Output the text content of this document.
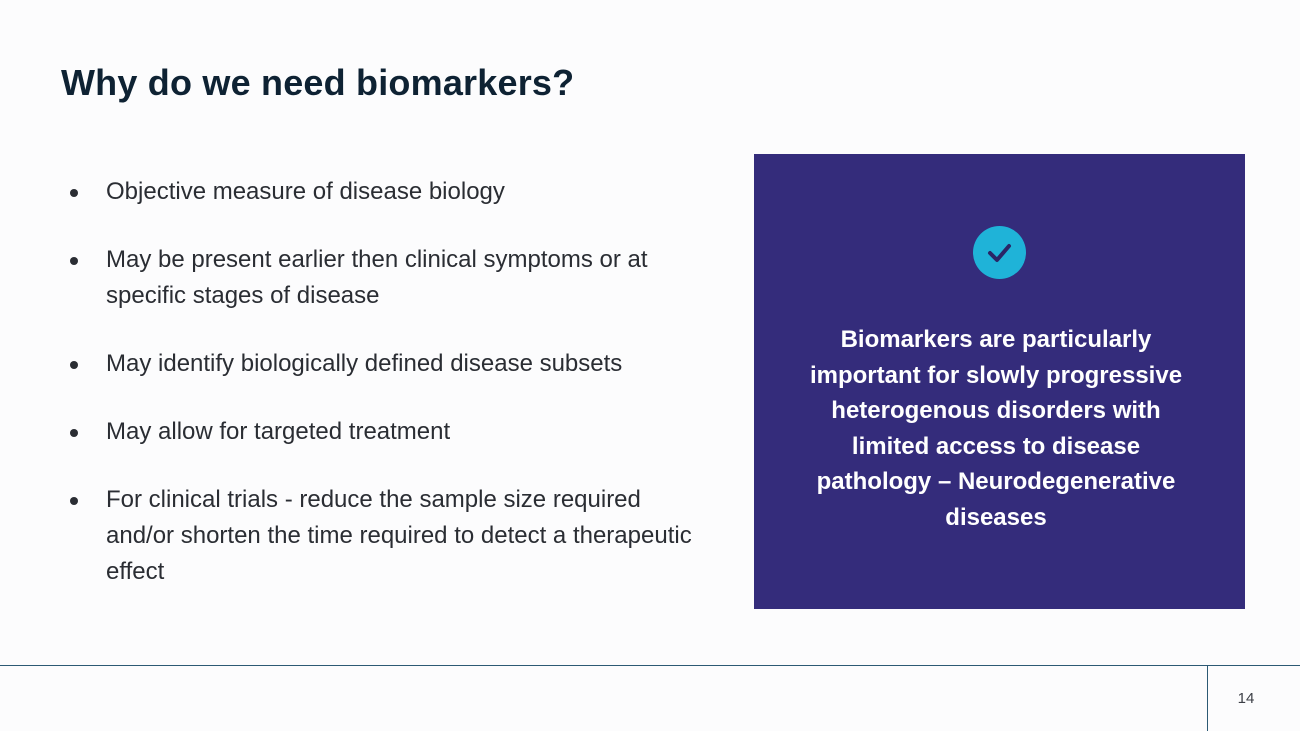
Why do we need biomarkers?
Objective measure of disease biology
May be present earlier then clinical symptoms or at specific stages of disease
May identify biologically defined disease subsets
May allow for targeted treatment
For clinical trials - reduce the sample size required and/or shorten the time required to detect a therapeutic effect
Biomarkers are particularly important for slowly progressive heterogenous disorders with limited access to disease pathology – Neurodegenerative diseases
14
